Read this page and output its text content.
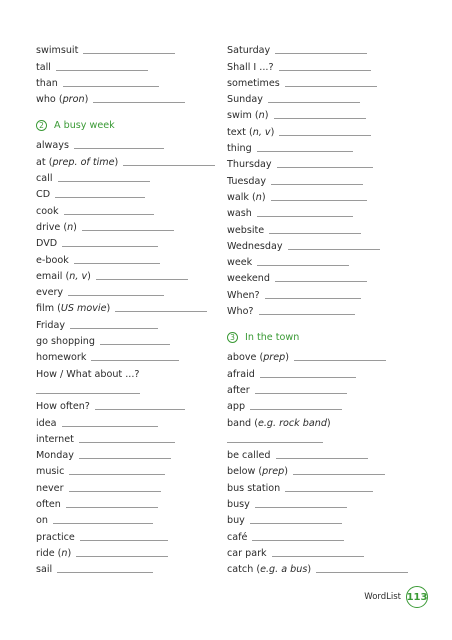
swimsuit
tall
than
who (pron)
2	A busy week
always
at (prep. of time)
call
CD
cook
drive (n)
DVD
e-book
email (n, v)
every
film (US movie)
Friday
go shopping
homework
How / What about ...?
How often?
idea
internet
Monday
music
never
often
on
practice
ride (n)
sail
Saturday
Shall I ...?
sometimes
Sunday
swim (n)
text (n, v)
thing
Thursday
Tuesday
walk (n)
wash
website
Wednesday
week
weekend
When?
Who?
3	In the town
above (prep)
afraid
after
app
band (e.g. rock band)
be called
below (prep)
bus station
busy
buy
café
car park
catch (e.g. a bus)
WordList 113
